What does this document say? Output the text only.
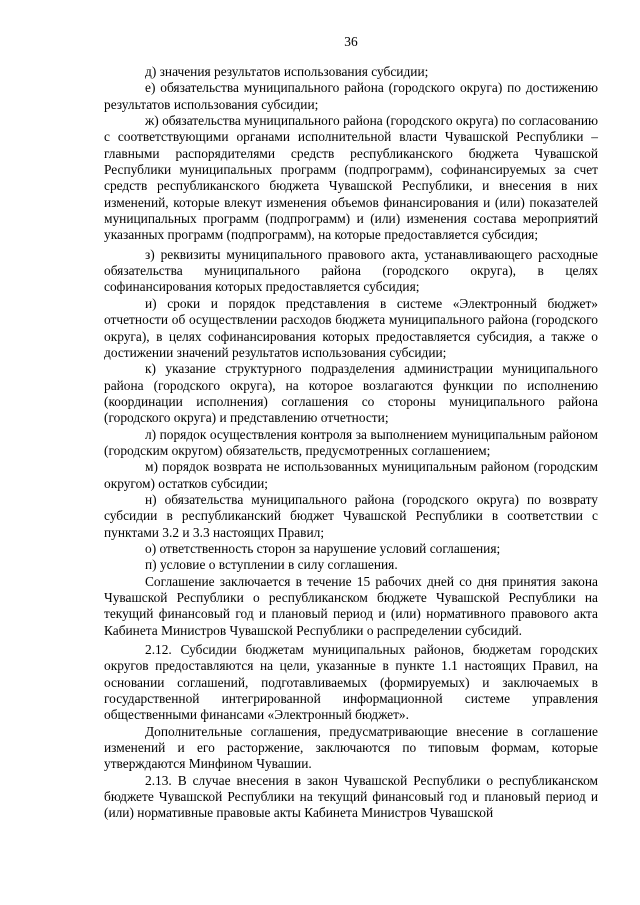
36

д) значения результатов использования субсидии;

е) обязательства муниципального района (городского округа) по достижению результатов использования субсидии;

ж) обязательства муниципального района (городского округа) по согласованию с соответствующими органами исполнительной власти Чувашской Республики – главными распорядителями средств республиканского бюджета Чувашской Республики муниципальных программ (подпрограмм), софинансируемых за счет средств республиканского бюджета Чувашской Республики, и внесения в них изменений, которые влекут изменения объемов финансирования и (или) показателей муниципальных программ (подпрограмм) и (или) изменения состава мероприятий указанных программ (подпрограмм), на которые предоставляется субсидия;

з) реквизиты муниципального правового акта, устанавливающего расходные обязательства муниципального района (городского округа), в целях софинансирования которых предоставляется субсидия;

и) сроки и порядок представления в системе «Электронный бюджет» отчетности об осуществлении расходов бюджета муниципального района (городского округа), в целях софинансирования которых предоставляется субсидия, а также о достижении значений результатов использования субсидии;

к) указание структурного подразделения администрации муниципального района (городского округа), на которое возлагаются функции по исполнению (координации исполнения) соглашения со стороны муниципального района (городского округа) и представлению отчетности;

л) порядок осуществления контроля за выполнением муниципальным районом (городским округом) обязательств, предусмотренных соглашением;

м) порядок возврата не использованных муниципальным районом (городским округом) остатков субсидии;

н) обязательства муниципального района (городского округа) по возврату субсидии в республиканский бюджет Чувашской Республики в соответствии с пунктами 3.2 и 3.3 настоящих Правил;

о) ответственность сторон за нарушение условий соглашения;

п) условие о вступлении в силу соглашения.

Соглашение заключается в течение 15 рабочих дней со дня принятия закона Чувашской Республики о республиканском бюджете Чувашской Республики на текущий финансовый год и плановый период и (или) нормативного правового акта Кабинета Министров Чувашской Республики о распределении субсидий.

2.12. Субсидии бюджетам муниципальных районов, бюджетам городских округов предоставляются на цели, указанные в пункте 1.1 настоящих Правил, на основании соглашений, подготавливаемых (формируемых) и заключаемых в государственной интегрированной информационной системе управления общественными финансами «Электронный бюджет».

Дополнительные соглашения, предусматривающие внесение в соглашение изменений и его расторжение, заключаются по типовым формам, которые утверждаются Минфином Чувашии.

2.13. В случае внесения в закон Чувашской Республики о республиканском бюджете Чувашской Республики на текущий финансовый год и плановый период и (или) нормативные правовые акты Кабинета Министров Чувашской
